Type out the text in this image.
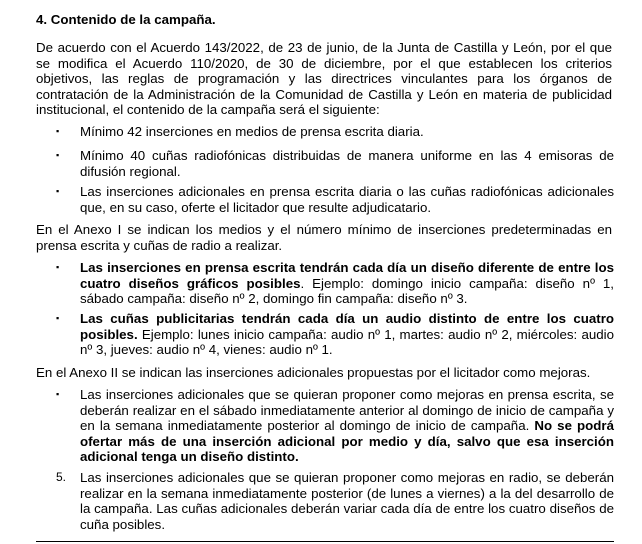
4. Contenido de la campaña.
De acuerdo con el Acuerdo 143/2022, de 23 de junio, de la Junta de Castilla y León, por el que se modifica el Acuerdo 110/2020, de 30 de diciembre, por el que establecen los criterios objetivos, las reglas de programación y las directrices vinculantes para los órganos de contratación de la Administración de la Comunidad de Castilla y León en materia de publicidad institucional, el contenido de la campaña será el siguiente:
▪	Mínimo 42 inserciones en medios de prensa escrita diaria.
▪	Mínimo 40 cuñas radiofónicas distribuidas de manera uniforme en las 4 emisoras de difusión regional.
▪	Las inserciones adicionales en prensa escrita diaria o las cuñas radiofónicas adicionales que, en su caso, oferte el licitador que resulte adjudicatario.
En el Anexo I se indican los medios y el número mínimo de inserciones predeterminadas en prensa escrita y cuñas de radio a realizar.
▪	Las inserciones en prensa escrita tendrán cada día un diseño diferente de entre los cuatro diseños gráficos posibles. Ejemplo: domingo inicio campaña: diseño nº 1, sábado campaña: diseño nº 2, domingo fin campaña: diseño nº 3.
▪	Las cuñas publicitarias tendrán cada día un audio distinto de entre los cuatro posibles. Ejemplo: lunes inicio campaña: audio nº 1, martes: audio nº 2, miércoles: audio nº 3, jueves: audio nº 4, vienes: audio nº 1.
En el Anexo II se indican las inserciones adicionales propuestas por el licitador como mejoras.
▪	Las inserciones adicionales que se quieran proponer como mejoras en prensa escrita, se deberán realizar en el sábado inmediatamente anterior al domingo de inicio de campaña y en la semana inmediatamente posterior al domingo de inicio de campaña. No se podrá ofertar más de una inserción adicional por medio y día, salvo que esa inserción adicional tenga un diseño distinto.
5. Las inserciones adicionales que se quieran proponer como mejoras en radio, se deberán realizar en la semana inmediatamente posterior (de lunes a viernes) a la del desarrollo de la campaña. Las cuñas adicionales deberán variar cada día de entre los cuatro diseños de cuña posibles.
